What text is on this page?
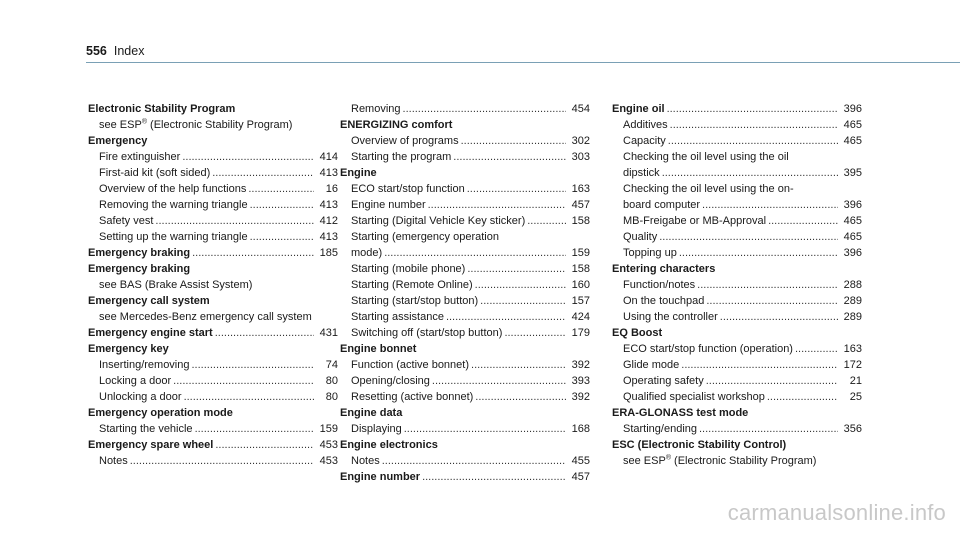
556 Index
Electronic Stability Program
see ESP® (Electronic Stability Program)
Emergency
Fire extinguisher .....	414
First-aid kit (soft sided) .....	413
Overview of the help functions .....	16
Removing the warning triangle .....	413
Safety vest .....	412
Setting up the warning triangle .....	413
Emergency braking .....	185
Emergency braking
see BAS (Brake Assist System)
Emergency call system
see Mercedes-Benz emergency call system
Emergency engine start .....	431
Emergency key
Inserting/removing .....	74
Locking a door .....	80
Unlocking a door .....	80
Emergency operation mode
Starting the vehicle .....	159
Emergency spare wheel .....	453
Notes .....	453
Removing .....	454
ENERGIZING comfort
Overview of programs .....	302
Starting the program .....	303
Engine
ECO start/stop function .....	163
Engine number .....	457
Starting (Digital Vehicle Key sticker) .....	158
Starting (emergency operation
mode) .....	159
Starting (mobile phone) .....	158
Starting (Remote Online) .....	160
Starting (start/stop button) .....	157
Starting assistance .....	424
Switching off (start/stop button) .....	179
Engine bonnet
Function (active bonnet) .....	392
Opening/closing .....	393
Resetting (active bonnet) .....	392
Engine data
Displaying .....	168
Engine electronics
Notes .....	455
Engine number .....	457
Engine oil .....	396
Additives .....	465
Capacity .....	465
Checking the oil level using the oil
dipstick .....	395
Checking the oil level using the on-
board computer .....	396
MB-Freigabe or MB-Approval .....	465
Quality .....	465
Topping up .....	396
Entering characters
Function/notes .....	288
On the touchpad .....	289
Using the controller .....	289
EQ Boost
ECO start/stop function (operation) .....	163
Glide mode .....	172
Operating safety .....	21
Qualified specialist workshop .....	25
ERA-GLONASS test mode
Starting/ending .....	356
ESC (Electronic Stability Control)
see ESP® (Electronic Stability Program)
carmanualsonline.info
